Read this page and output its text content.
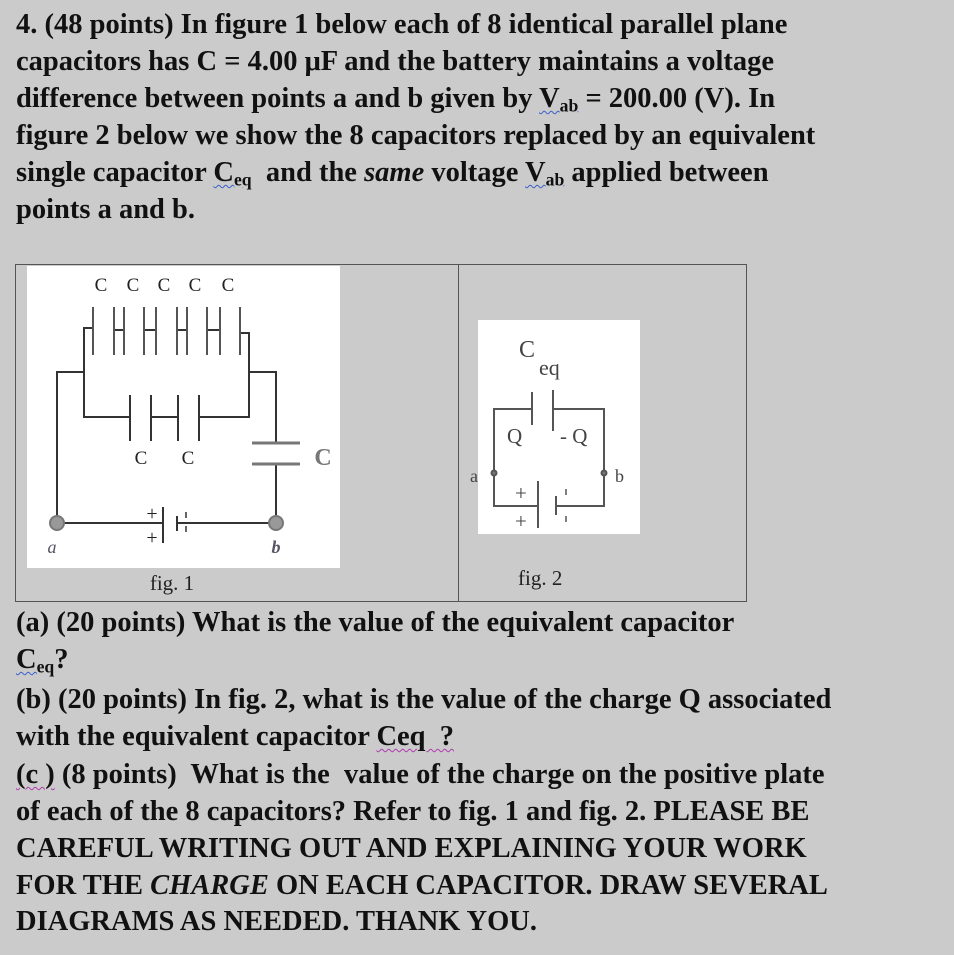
4. (48 points) In figure 1 below each of 8 identical parallel plane
capacitors has C = 4.00 μF and the battery maintains a voltage
difference between points a and b given by $V_{ab} = 200.00$ (V). In
figure 2 below we show the 8 capacitors replaced by an equivalent
single capacitor $C_{eq}$  and the same voltage $V_{ab}$ applied between
points a and b.
C C C C C
C C	C
+
+
a	b
fig. 1
C
eq
Q - Q
a	b
+
+
fig. 2
(a) (20 points) What is the value of the equivalent capacitor
$C_{eq}$?
(b) (20 points) In fig. 2, what is the value of the charge Q associated
with the equivalent capacitor Ceq  ?
(c ) (8 points)  What is the  value of the charge on the positive plate
of each of the 8 capacitors? Refer to fig. 1 and fig. 2. PLEASE BE
CAREFUL WRITING OUT AND EXPLAINING YOUR WORK
FOR THE CHARGE ON EACH CAPACITOR. DRAW SEVERAL
DIAGRAMS AS NEEDED. THANK YOU.
